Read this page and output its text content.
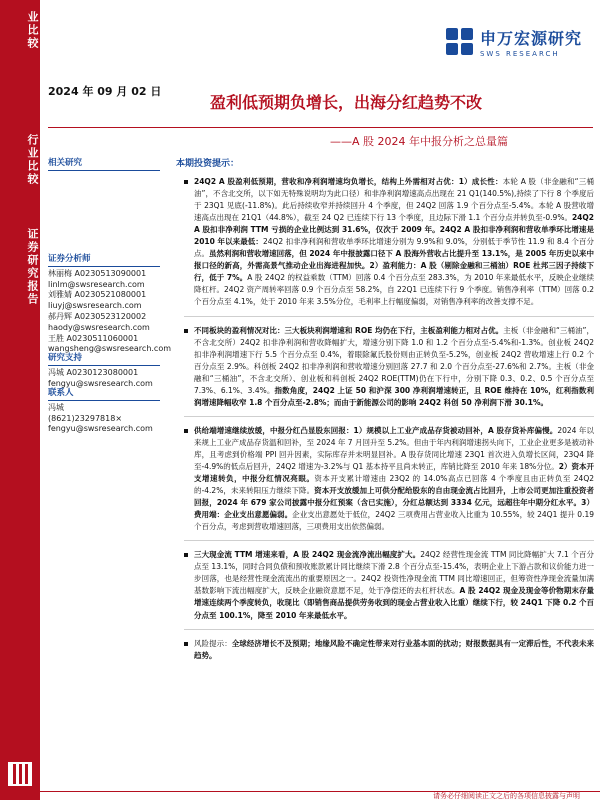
业比较
行业比较
证券研究报告
申万宏源研究
SWS RESEARCH
2024 年 09 月 02 日
盈利低预期负增长，出海分红趋势不改
——A 股 2024 年中报分析之总量篇
相关研究
证券分析师
林丽梅 A0230513090001
linlm@swsresearch.com
刘雅婧 A0230521080001
liuyj@swsresearch.com
郝丹辉 A0230523120002
haody@swsresearch.com
王胜 A0230511060001
wangsheng@swsresearch.com
研究支持
冯城 A0230123080001
fengyu@swsresearch.com
联系人
冯城
(8621)23297818×
fengyu@swsresearch.com
本期投资提示：
24Q2 A 股盈利低预期，营收和净利润增速均负增长，结构上外需相对占优：1）成长性：本轮 A 股（非金融和“三桶油”，不含北交所，以下如无特殊说明均为此口径）和非净利润增速高点出现在 21 Q1(140.5%),持续了下行 8 个季度后于 23Q1 见底(-11.8%)。此后持续收窄并持续回升 4 个季度，但 24Q2 回落 1.9 个百分点至-5.4%。本轮 A 股营收增速高点出现在 21Q1（44.8%），截至 24 Q2 已连续下行 13 个季度，且边际下滑 1.1 个百分点并转负至-0.9%。24Q2 A 股扣非净利润 TTM 亏损的企业比例达到 31.6%，仅次于 2009 年。24Q2 A 股扣非净利润和营收单季环比增速是 2010 年以来最低：24Q2 扣非净利润和营收单季环比增速分别为 9.9%和 9.0%，分别低于季节性 11.9 和 8.4 个百分点。虽然利润和营收增速回落，但 2024 年中报披露口径下 A 股海外营收占比提升至 13.1%，是 2005 年历史以来中报口径的新高，外需高景气推动企业出海进程加快。2）盈利能力：A 股（剔除金融和三桶油）ROE 杜邦三因子持续下行，低于 7%。A 股 24Q2 的权益乘数（TTM）回落 0.4 个百分点至 283.3%，为 2010 年来最低水平，反映企业继续降杠杆。24Q2 资产周转率回落 0.9 个百分点至 58.2%，自 22Q1 已连续下行 9 个季度。销售净利率（TTM）回落 0.2 个百分点至 4.1%，处于 2010 年来 3.5%分位，毛利率上行幅度偏弱，对销售净利率的改善支撑不足。
不同板块的盈利情况对比：三大板块利润增速和 ROE 均仍在下行，主板盈利能力相对占优。主板（非金融和“三桶油”，不含北交所）24Q2 扣非净利润和营收降幅扩大，增速分别下降 1.0 和 1.2 个百分点至-5.4%和-1.3%。创业板 24Q2 扣非净利润增速下行 5.5 个百分点至 0.4%，着眼除氟氏股份则由正转负至-5.2%，创业板 24Q2 营收增速上行 0.2 个百分点至 2.9%。科创板 24Q2 扣非净利润和营收增速分别回落 27.7 和 2.0 个百分点至-27.6%和 2.7%。主板（非金融和“三桶油”，不含北交所）、创业板和科创板 24Q2 ROE(TTM)仍在下行中，分别下降 0.3、0.2、0.5 个百分点至 7.3%、6.1%、3.4%。指数角度，24Q2 上证 50 和沪深 300 净利润增速转正，且 ROE 维持在 10%，红利指数利润增速降幅收窄 1.8 个百分点至-2.8%；而由于新能源公司的影响 24Q2 科创 50 净利润下滑 30.1%。
供给端增速继续放缓，中报分红凸显股东回报：1）规模以上工业产成品存货被动回补，A 股存货补库偏慢。2024 年以来规上工业产成品存货温和回补，至 2024 年 7 月回升至 5.2%。但由于年内利润增速拐头向下，工业企业更多是被动补库，且考虑到价格端 PPI 回升因素，实际库存并未明显回补。A 股存货同比增速 23Q1 首次进入负增长区间，23Q4 降至-4.9%的低点后回升，24Q2 增速为-3.2%与 Q1 基本持平且尚未转正，库销比降至 2010 年来 18%分位。2）资本开支增速转负，中报分红情况亮眼。资本开支累计增速由 23Q2 的 14.0%高点已回落 4 个季度且由正转负至 24Q2 的-4.2%，未来转阳压力继续下降。资本开支放缓加上可供分配给股东的自由现金流占比回升，上市公司更加注重投资者回报，2024 年 679 家公司披露中报分红预案（含已实施），分红总额达到 3334 亿元，远超往年中期分红水平。3）费用端：企业支出意愿偏弱。企业支出意愿处于低位，24Q2 三项费用占营业收入比重为 10.55%，较 24Q1 提升 0.19 个百分点，考虑到营收增速回落，三项费用支出依然偏弱。
三大现金流 TTM 增速来看，A 股 24Q2 现金流净流出幅度扩大。24Q2 经营性现金流 TTM 同比降幅扩大 7.1 个百分点至 13.1%，同时合同负债和预收账款累计同比继续下滑 2.8 个百分点至-15.4%，表明企业上下游占款和议价能力进一步回落，也是经营性现金流流出的重要原因之一。24Q2 投资性净现金流 TTM 同比增速回正，但筹资性净现金流量加满基数影响下流出幅度扩大，反映企业融资意愿不足，处于净偿还的去杠杆状态。A 股 24Q2 现金及现金等价物期末存量增速连续两个季度转负，收现比（即销售商品提供劳务收到的现金占营业收入比重）继续下行，较 24Q1 下降 0.2 个百分点至 100.1%，降至 2010 年来最低水平。
风险提示：全球经济增长不及预期；地缘风险不确定性带来对行业基本面的扰动；财报数据具有一定滞后性，不代表未来趋势。
请务必仔细阅读正文之后的各项信息披露与声明
